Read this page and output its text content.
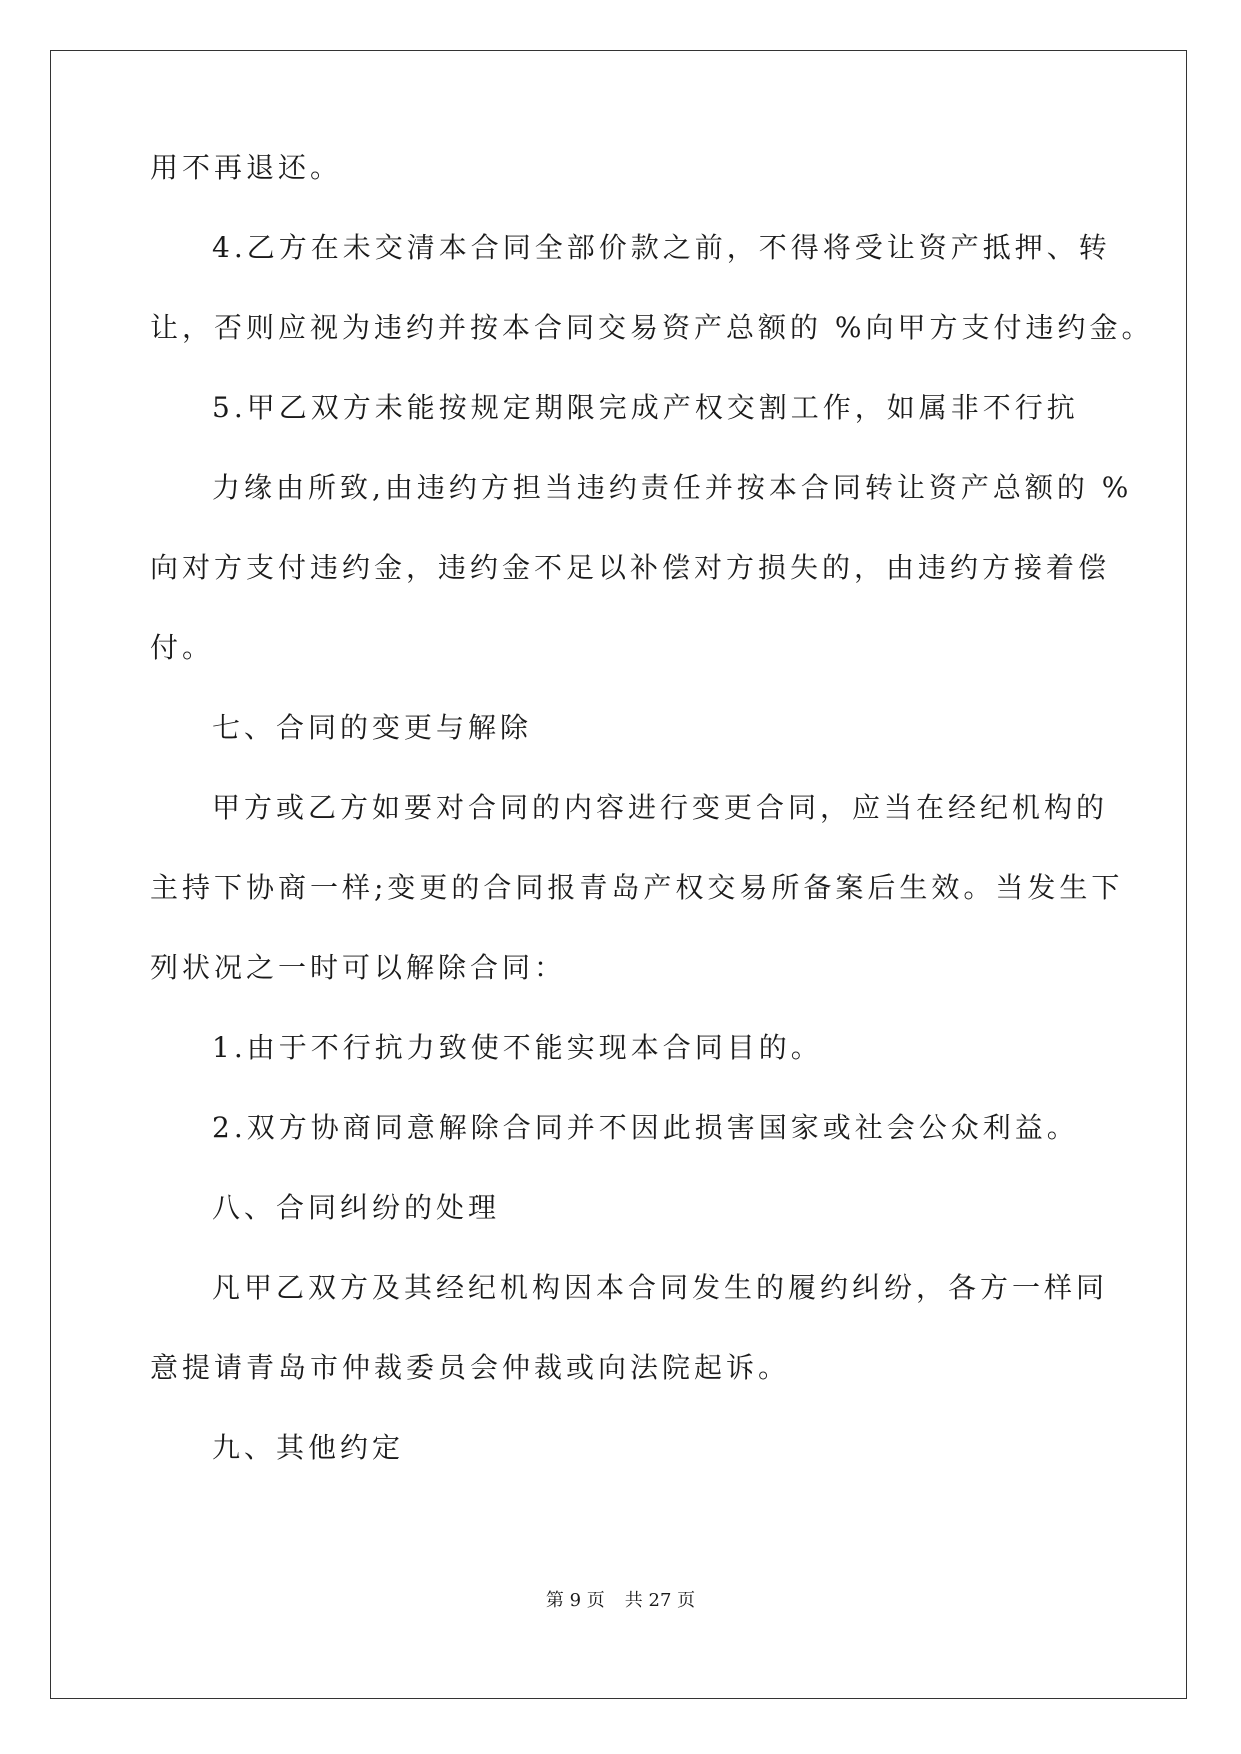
用不再退还。
4.乙方在未交清本合同全部价款之前，不得将受让资产抵押、转
让，否则应视为违约并按本合同交易资产总额的 %向甲方支付违约金。
5.甲乙双方未能按规定期限完成产权交割工作，如属非不行抗
力缘由所致,由违约方担当违约责任并按本合同转让资产总额的 %
向对方支付违约金，违约金不足以补偿对方损失的，由违约方接着偿
付。
七、合同的变更与解除
甲方或乙方如要对合同的内容进行变更合同，应当在经纪机构的
主持下协商一样;变更的合同报青岛产权交易所备案后生效。当发生下
列状况之一时可以解除合同：
1.由于不行抗力致使不能实现本合同目的。
2.双方协商同意解除合同并不因此损害国家或社会公众利益。
八、合同纠纷的处理
凡甲乙双方及其经纪机构因本合同发生的履约纠纷，各方一样同
意提请青岛市仲裁委员会仲裁或向法院起诉。
九、其他约定
第 9 页 共 27 页
